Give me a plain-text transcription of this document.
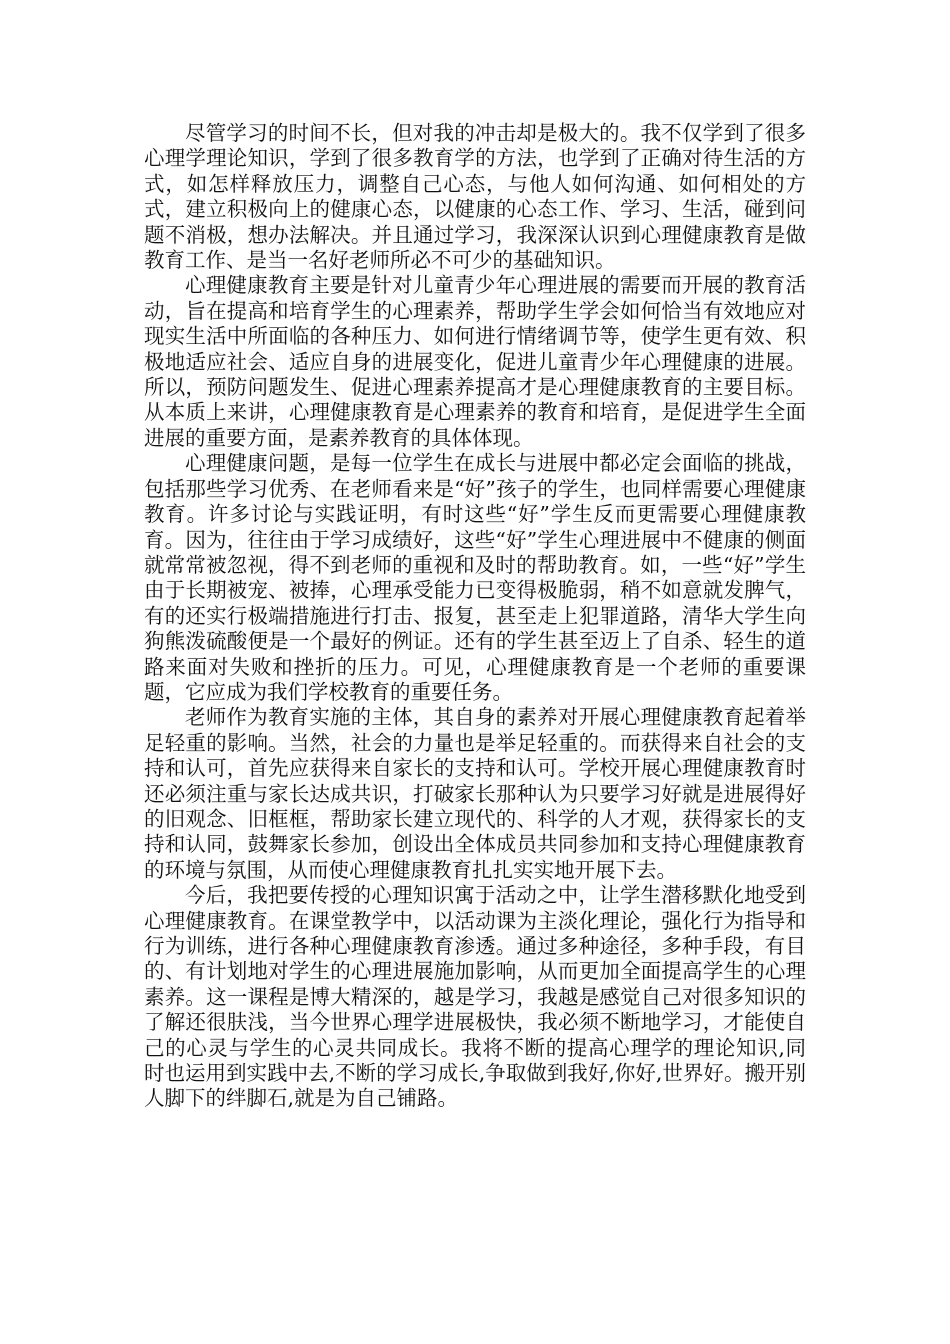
尽管学习的时间不长，但对我的冲击却是极大的。我不仅学到了很多心理学理论知识，学到了很多教育学的方法，也学到了正确对待生活的方式，如怎样释放压力，调整自己心态，与他人如何沟通、如何相处的方式，建立积极向上的健康心态，以健康的心态工作、学习、生活，碰到问题不消极，想办法解决。并且通过学习，我深深认识到心理健康教育是做教育工作、是当一名好老师所必不可少的基础知识。

心理健康教育主要是针对儿童青少年心理进展的需要而开展的教育活动，旨在提高和培育学生的心理素养，帮助学生学会如何恰当有效地应对现实生活中所面临的各种压力、如何进行情绪调节等，使学生更有效、积极地适应社会、适应自身的进展变化，促进儿童青少年心理健康的进展。所以，预防问题发生、促进心理素养提高才是心理健康教育的主要目标。从本质上来讲，心理健康教育是心理素养的教育和培育，是促进学生全面进展的重要方面，是素养教育的具体体现。

心理健康问题，是每一位学生在成长与进展中都必定会面临的挑战，包括那些学习优秀、在老师看来是“好”孩子的学生，也同样需要心理健康教育。许多讨论与实践证明，有时这些“好”学生反而更需要心理健康教育。因为，往往由于学习成绩好，这些“好”学生心理进展中不健康的侧面就常常被忽视，得不到老师的重视和及时的帮助教育。如，一些“好”学生由于长期被宠、被捧，心理承受能力已变得极脆弱，稍不如意就发脾气，有的还实行极端措施进行打击、报复，甚至走上犯罪道路，清华大学生向狗熊泼硫酸便是一个最好的例证。还有的学生甚至迈上了自杀、轻生的道路来面对失败和挫折的压力。可见，心理健康教育是一个老师的重要课题，它应成为我们学校教育的重要任务。

老师作为教育实施的主体，其自身的素养对开展心理健康教育起着举足轻重的影响。当然，社会的力量也是举足轻重的。而获得来自社会的支持和认可，首先应获得来自家长的支持和认可。学校开展心理健康教育时还必须注重与家长达成共识，打破家长那种认为只要学习好就是进展得好的旧观念、旧框框，帮助家长建立现代的、科学的人才观，获得家长的支持和认同，鼓舞家长参加，创设出全体成员共同参加和支持心理健康教育的环境与氛围，从而使心理健康教育扎扎实实地开展下去。

今后，我把要传授的心理知识寓于活动之中，让学生潜移默化地受到心理健康教育。在课堂教学中，以活动课为主淡化理论，强化行为指导和行为训练，进行各种心理健康教育渗透。通过多种途径，多种手段，有目的、有计划地对学生的心理进展施加影响，从而更加全面提高学生的心理素养。这一课程是博大精深的，越是学习，我越是感觉自己对很多知识的了解还很肤浅，当今世界心理学进展极快，我必须不断地学习，才能使自己的心灵与学生的心灵共同成长。我将不断的提高心理学的理论知识,同时也运用到实践中去,不断的学习成长,争取做到我好,你好,世界好。搬开别人脚下的绊脚石,就是为自己铺路。
